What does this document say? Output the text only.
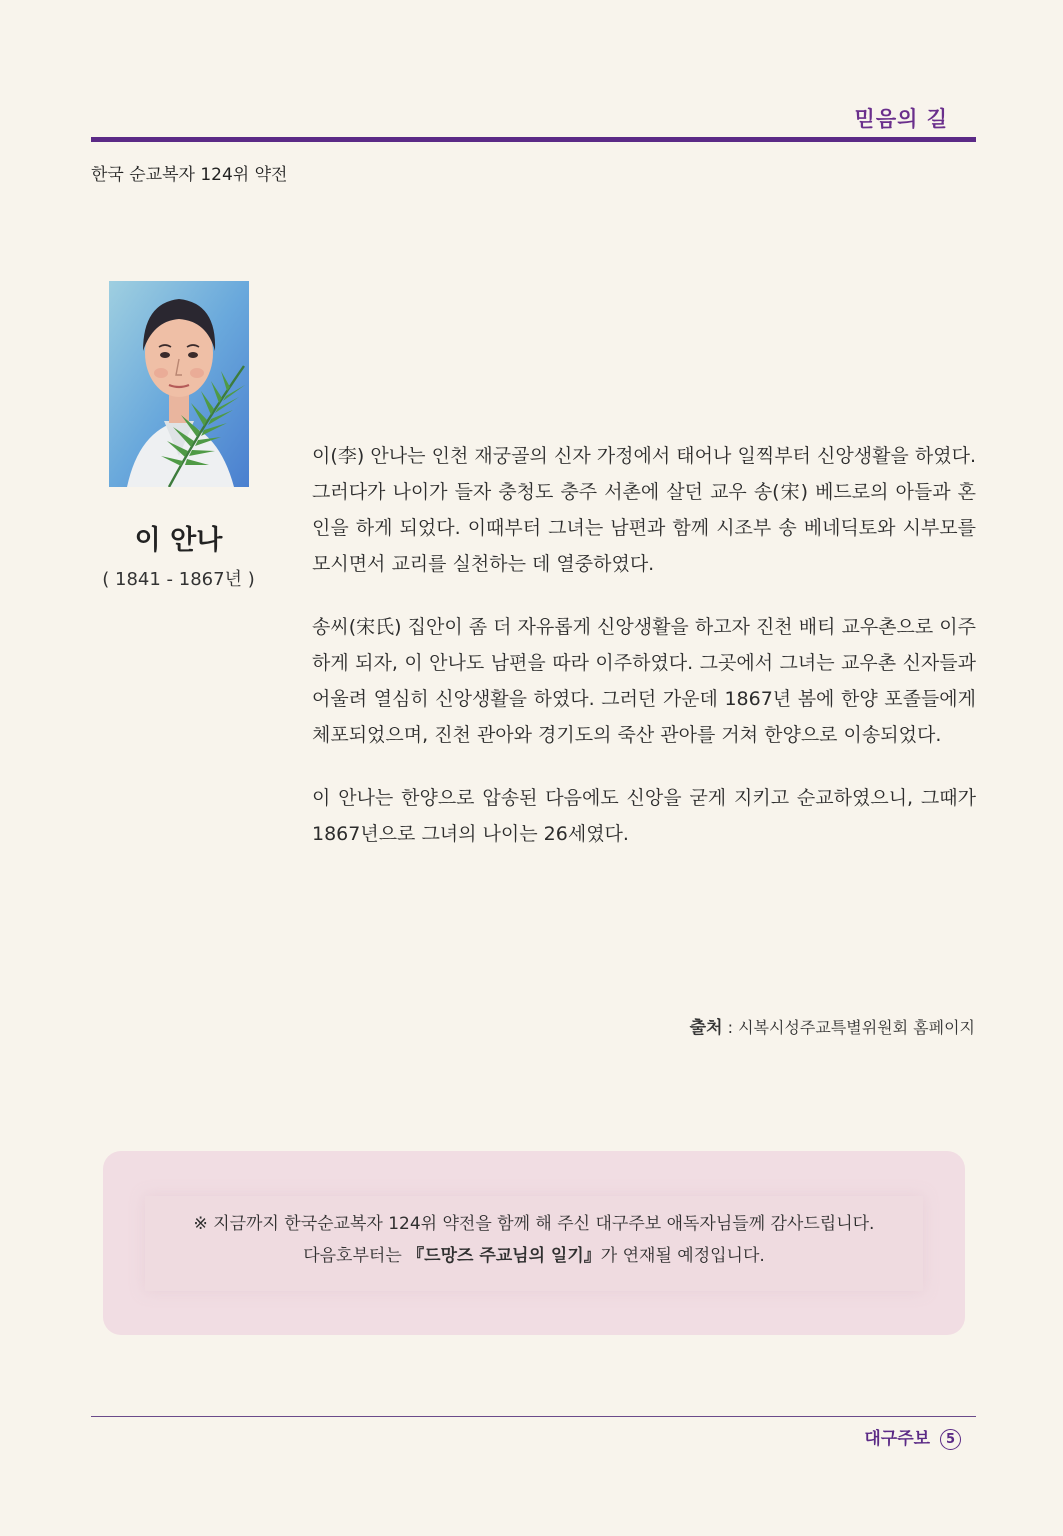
믿음의 길
한국 순교복자 124위 약전
이 안나
( 1841 - 1867년 )

이(李) 안나는 인천 재궁골의 신자 가정에서 태어나 일찍부터 신앙생활을 하였다. 그러다가 나이가 들자 충청도 충주 서촌에 살던 교우 송(宋) 베드로의 아들과 혼인을 하게 되었다. 이때부터 그녀는 남편과 함께 시조부 송 베네딕토와 시부모를 모시면서 교리를 실천하는 데 열중하였다.

송씨(宋氏) 집안이 좀 더 자유롭게 신앙생활을 하고자 진천 배티 교우촌으로 이주하게 되자, 이 안나도 남편을 따라 이주하였다. 그곳에서 그녀는 교우촌 신자들과 어울려 열심히 신앙생활을 하였다. 그러던 가운데 1867년 봄에 한양 포졸들에게 체포되었으며, 진천 관아와 경기도의 죽산 관아를 거쳐 한양으로 이송되었다.

이 안나는 한양으로 압송된 다음에도 신앙을 굳게 지키고 순교하였으니, 그때가 1867년으로 그녀의 나이는 26세였다.

출처 : 시복시성주교특별위원회 홈페이지
※ 지금까지 한국순교복자 124위 약전을 함께 해 주신 대구주보 애독자님들께 감사드립니다.
다음호부터는 『드망즈 주교님의 일기』가 연재될 예정입니다.
대구주보 5
